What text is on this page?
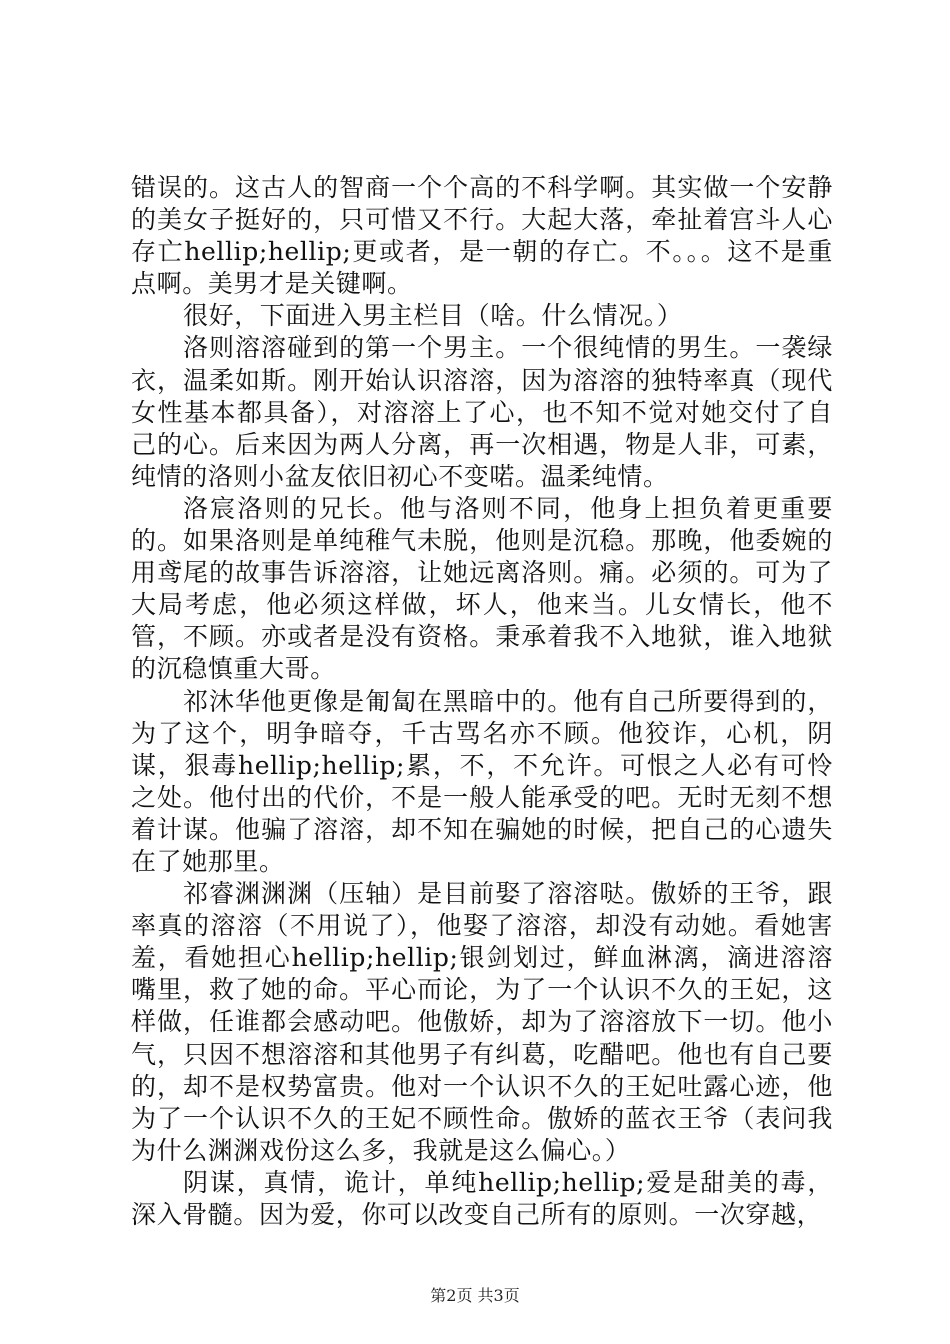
错误的。这古人的智商一个个高的不科学啊。其实做一个安静的美女子挺好的，只可惜又不行。大起大落，牵扯着宫斗人心存亡hellip;hellip;更或者，是一朝的存亡。不。。。这不是重点啊。美男才是关键啊。

很好，下面进入男主栏目（啥。什么情况。）

洛则溶溶碰到的第一个男主。一个很纯情的男生。一袭绿衣，温柔如斯。刚开始认识溶溶，因为溶溶的独特率真（现代女性基本都具备），对溶溶上了心，也不知不觉对她交付了自己的心。后来因为两人分离，再一次相遇，物是人非，可素，纯情的洛则小盆友依旧初心不变喏。温柔纯情。

洛宸洛则的兄长。他与洛则不同，他身上担负着更重要的。如果洛则是单纯稚气未脱，他则是沉稳。那晚，他委婉的用鸢尾的故事告诉溶溶，让她远离洛则。痛。必须的。可为了大局考虑，他必须这样做，坏人，他来当。儿女情长，他不管，不顾。亦或者是没有资格。秉承着我不入地狱，谁入地狱的沉稳慎重大哥。

祁沐华他更像是匍匐在黑暗中的。他有自己所要得到的，为了这个，明争暗夺，千古骂名亦不顾。他狡诈，心机，阴谋，狠毒hellip;hellip;累，不，不允许。可恨之人必有可怜之处。他付出的代价，不是一般人能承受的吧。无时无刻不想着计谋。他骗了溶溶，却不知在骗她的时候，把自己的心遗失在了她那里。

祁睿渊渊渊（压轴）是目前娶了溶溶哒。傲娇的王爷，跟率真的溶溶（不用说了），他娶了溶溶，却没有动她。看她害羞，看她担心hellip;hellip;银剑划过，鲜血淋漓，滴进溶溶嘴里，救了她的命。平心而论，为了一个认识不久的王妃，这样做，任谁都会感动吧。他傲娇，却为了溶溶放下一切。他小气，只因不想溶溶和其他男子有纠葛，吃醋吧。他也有自己要的，却不是权势富贵。他对一个认识不久的王妃吐露心迹，他为了一个认识不久的王妃不顾性命。傲娇的蓝衣王爷（表问我为什么渊渊戏份这么多，我就是这么偏心。）

阴谋，真情，诡计，单纯hellip;hellip;爱是甜美的毒，深入骨髓。因为爱，你可以改变自己所有的原则。一次穿越，

第2页 共3页
